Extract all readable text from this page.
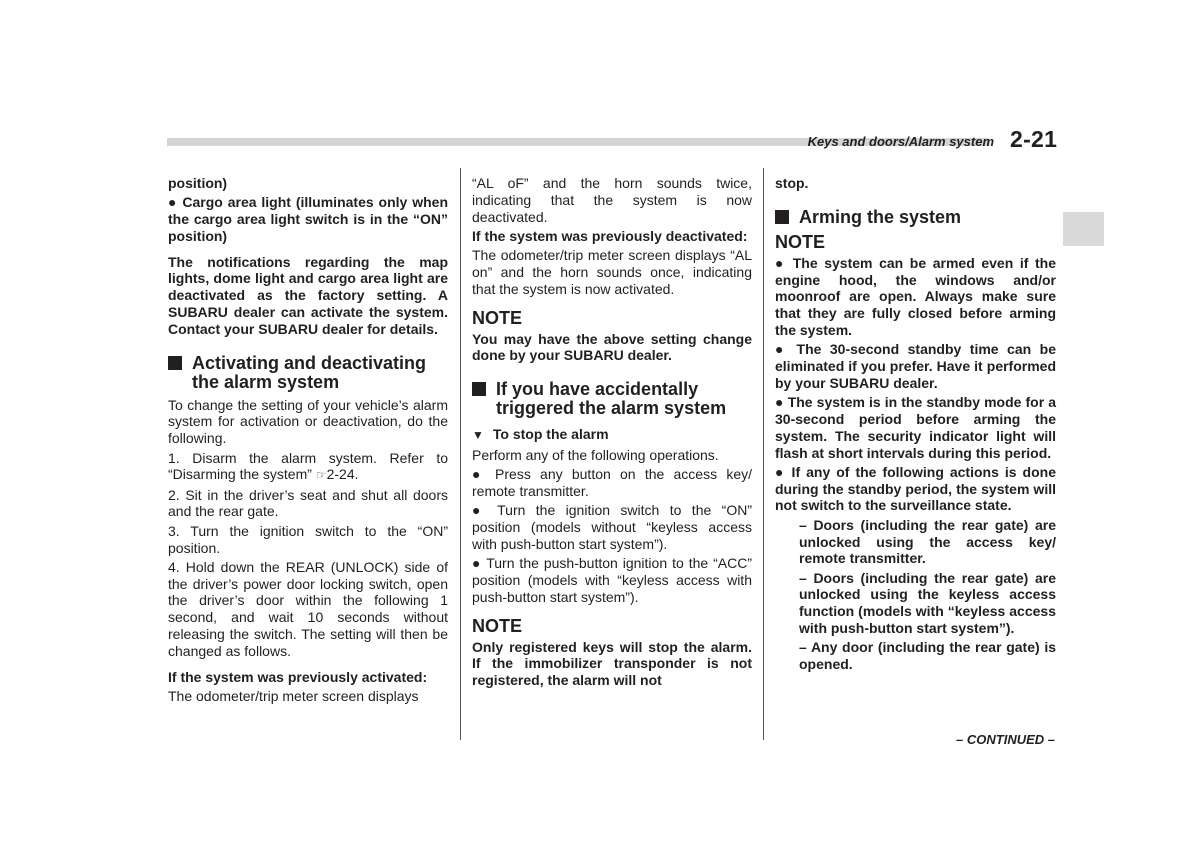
Keys and doors/Alarm system 2-21

position)

● Cargo area light (illuminates only when the cargo area light switch is in the “ON” position)

The notifications regarding the map lights, dome light and cargo area light are deactivated as the factory setting. A SUBARU dealer can activate the system. Contact your SUBARU dealer for details.

Activating and deactivating the alarm system

To change the setting of your vehicle’s alarm system for activation or deactivation, do the following.

1. Disarm the alarm system. Refer to “Disarming the system” ☞2-24.

2. Sit in the driver’s seat and shut all doors and the rear gate.

3. Turn the ignition switch to the “ON” position.

4. Hold down the REAR (UNLOCK) side of the driver’s power door locking switch, open the driver’s door within the following 1 second, and wait 10 seconds without releasing the switch. The setting will then be changed as follows.

If the system was previously activated:

The odometer/trip meter screen displays

“AL oF” and the horn sounds twice, indicating that the system is now deactivated.

If the system was previously deactivated:

The odometer/trip meter screen displays “AL on” and the horn sounds once, indicating that the system is now activated.

NOTE

You may have the above setting change done by your SUBARU dealer.

If you have accidentally triggered the alarm system
▼ To stop the alarm

Perform any of the following operations.

● Press any button on the access key/ remote transmitter.

● Turn the ignition switch to the “ON” position (models without “keyless access with push-button start system”).

● Turn the push-button ignition to the “ACC” position (models with “keyless access with push-button start system”).

NOTE

Only registered keys will stop the alarm. If the immobilizer transponder is not registered, the alarm will not

stop.

Arming the system
NOTE

● The system can be armed even if the engine hood, the windows and/or moonroof are open. Always make sure that they are fully closed before arming the system.

● The 30-second standby time can be eliminated if you prefer. Have it performed by your SUBARU dealer.

● The system is in the standby mode for a 30-second period before arming the system. The security indicator light will flash at short intervals during this period.

● If any of the following actions is done during the standby period, the system will not switch to the surveillance state.

– Doors (including the rear gate) are unlocked using the access key/ remote transmitter.

– Doors (including the rear gate) are unlocked using the keyless access function (models with “keyless access with push-button start system”).

– Any door (including the rear gate) is opened.

– CONTINUED –
